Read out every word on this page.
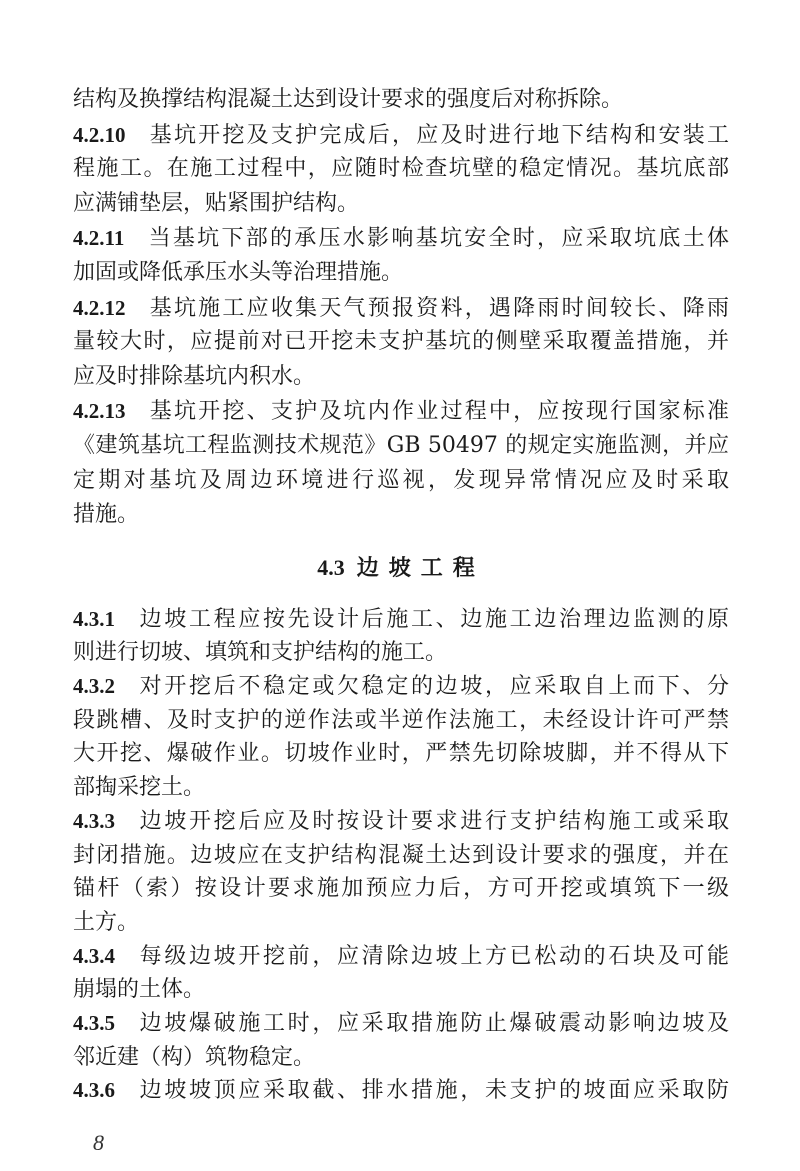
结构及换撑结构混凝土达到设计要求的强度后对称拆除。
4.2.10 基坑开挖及支护完成后，应及时进行地下结构和安装工
程施工。在施工过程中，应随时检查坑壁的稳定情况。基坑底部
应满铺垫层，贴紧围护结构。
4.2.11 当基坑下部的承压水影响基坑安全时，应采取坑底土体
加固或降低承压水头等治理措施。
4.2.12 基坑施工应收集天气预报资料，遇降雨时间较长、降雨
量较大时，应提前对已开挖未支护基坑的侧壁采取覆盖措施，并
应及时排除基坑内积水。
4.2.13 基坑开挖、支护及坑内作业过程中，应按现行国家标准
《建筑基坑工程监测技术规范》GB 50497 的规定实施监测，并应
定期对基坑及周边环境进行巡视，发现异常情况应及时采取
措施。
4.3 边坡工程
4.3.1 边坡工程应按先设计后施工、边施工边治理边监测的原
则进行切坡、填筑和支护结构的施工。
4.3.2 对开挖后不稳定或欠稳定的边坡，应采取自上而下、分
段跳槽、及时支护的逆作法或半逆作法施工，未经设计许可严禁
大开挖、爆破作业。切坡作业时，严禁先切除坡脚，并不得从下
部掏采挖土。
4.3.3 边坡开挖后应及时按设计要求进行支护结构施工或采取
封闭措施。边坡应在支护结构混凝土达到设计要求的强度，并在
锚杆（索）按设计要求施加预应力后，方可开挖或填筑下一级
土方。
4.3.4 每级边坡开挖前，应清除边坡上方已松动的石块及可能
崩塌的土体。
4.3.5 边坡爆破施工时，应采取措施防止爆破震动影响边坡及
邻近建（构）筑物稳定。
4.3.6 边坡坡顶应采取截、排水措施，未支护的坡面应采取防
8
